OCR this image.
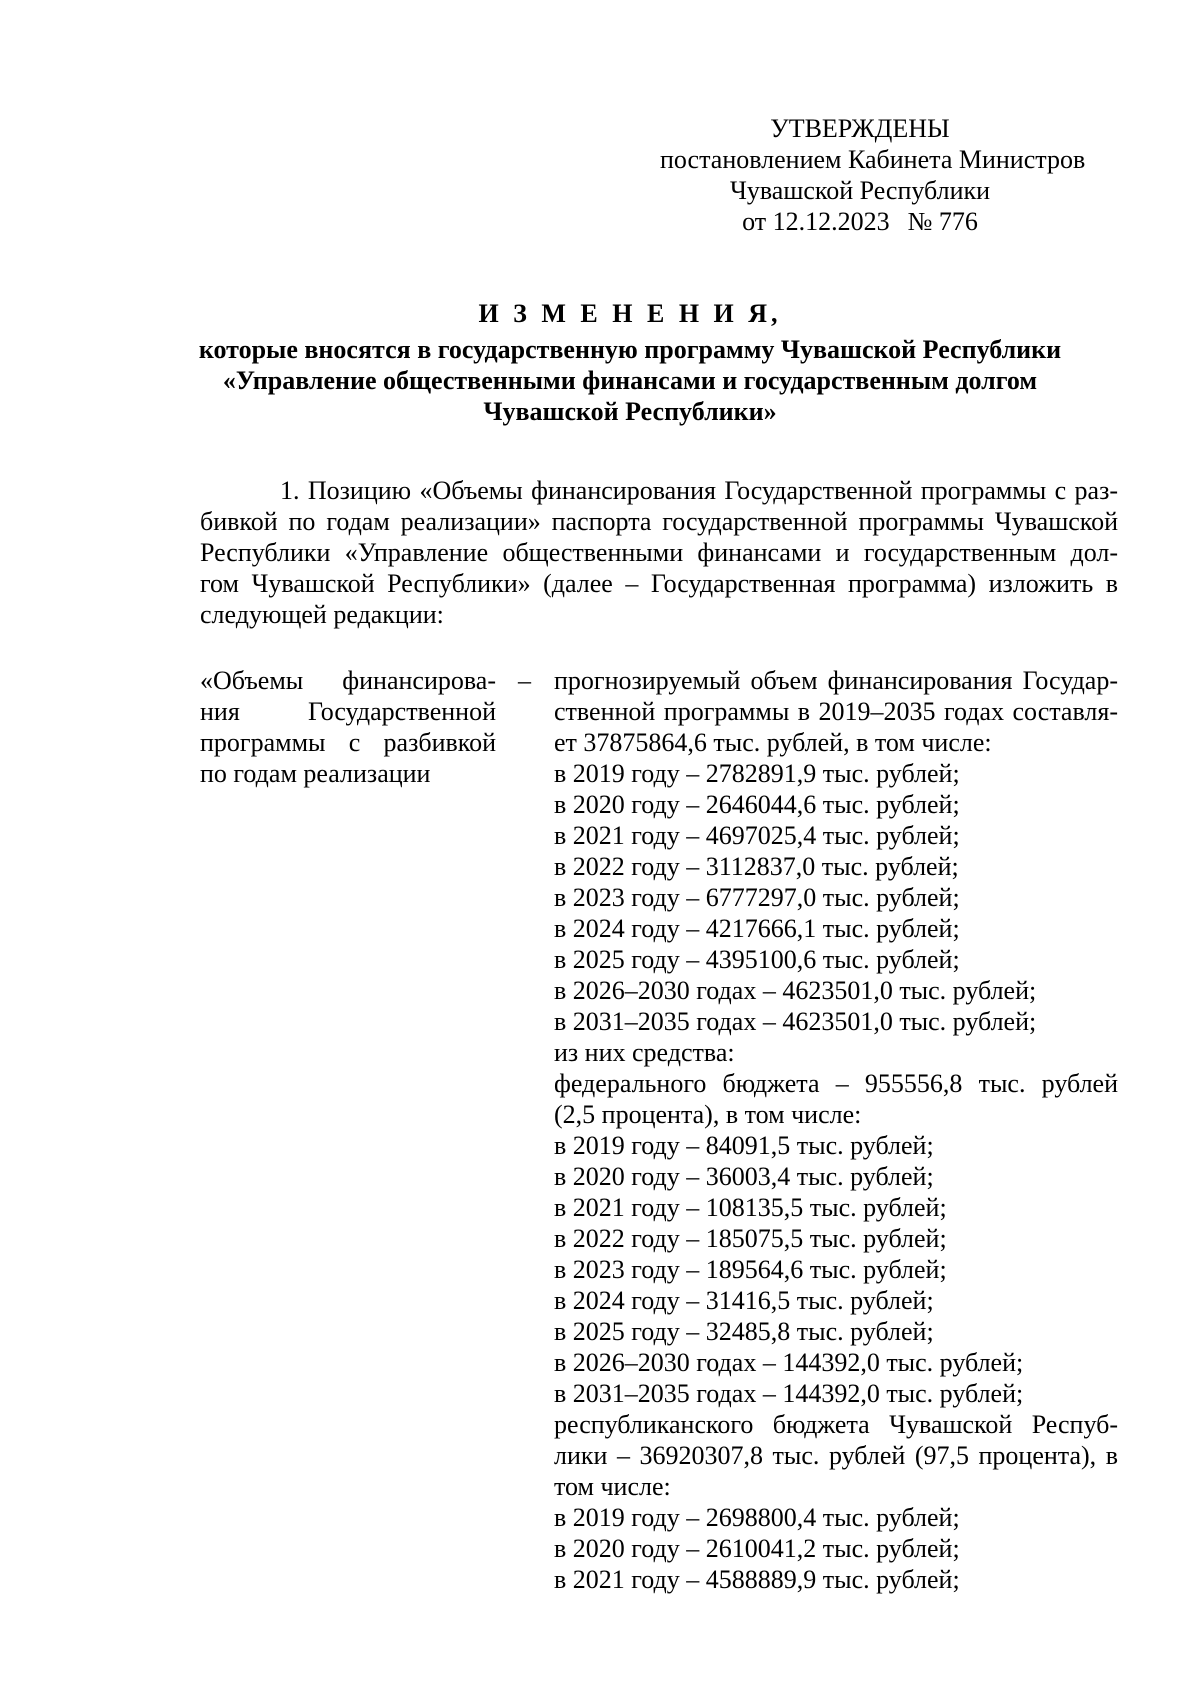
УТВЕРЖДЕНЫ
постановлением Кабинета Министров
Чувашской Республики
от 12.12.2023 № 776
И З М Е Н Е Н И Я,
которые вносятся в государственную программу Чувашской Республики
«Управление общественными финансами и государственным долгом
Чувашской Республики»
1. Позицию «Объемы финансирования Государственной программы с раз-
бивкой по годам реализации» паспорта государственной программы Чувашской
Республики «Управление общественными финансами и государственным дол-
гом Чувашской Республики» (далее – Государственная программа) изложить в
следующей редакции:
«Объемы финансирова-
ния Государственной
программы с разбивкой
по годам реализации
– прогнозируемый объем финансирования Государ-
ственной программы в 2019–2035 годах составля-
ет 37875864,6 тыс. рублей, в том числе:
в 2019 году – 2782891,9 тыс. рублей;
в 2020 году – 2646044,6 тыс. рублей;
в 2021 году – 4697025,4 тыс. рублей;
в 2022 году – 3112837,0 тыс. рублей;
в 2023 году – 6777297,0 тыс. рублей;
в 2024 году – 4217666,1 тыс. рублей;
в 2025 году – 4395100,6 тыс. рублей;
в 2026–2030 годах – 4623501,0 тыс. рублей;
в 2031–2035 годах – 4623501,0 тыс. рублей;
из них средства:
федерального бюджета – 955556,8 тыс. рублей
(2,5 процента), в том числе:
в 2019 году – 84091,5 тыс. рублей;
в 2020 году – 36003,4 тыс. рублей;
в 2021 году – 108135,5 тыс. рублей;
в 2022 году – 185075,5 тыс. рублей;
в 2023 году – 189564,6 тыс. рублей;
в 2024 году – 31416,5 тыс. рублей;
в 2025 году – 32485,8 тыс. рублей;
в 2026–2030 годах – 144392,0 тыс. рублей;
в 2031–2035 годах – 144392,0 тыс. рублей;
республиканского бюджета Чувашской Респуб-
лики – 36920307,8 тыс. рублей (97,5 процента), в
том числе:
в 2019 году – 2698800,4 тыс. рублей;
в 2020 году – 2610041,2 тыс. рублей;
в 2021 году – 4588889,9 тыс. рублей;
